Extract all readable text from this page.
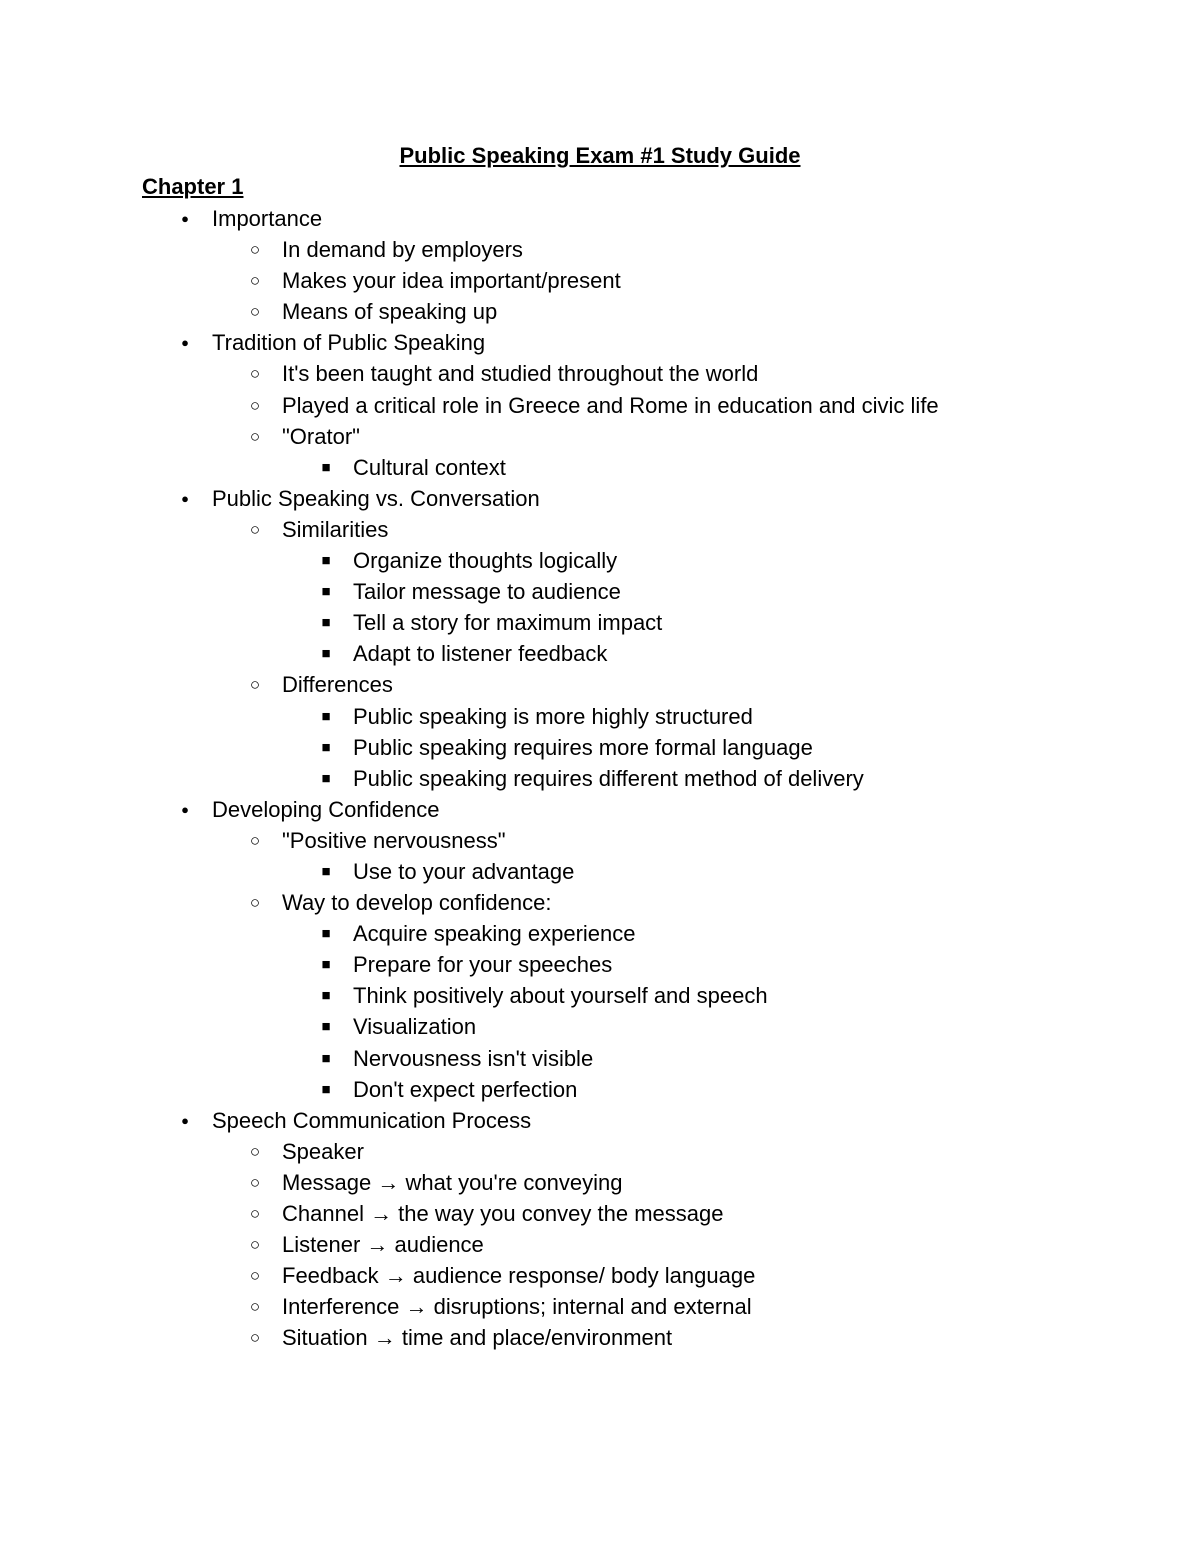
Public Speaking Exam #1 Study Guide
Chapter 1
● Importance
○ In demand by employers
○ Makes your idea important/present
○ Means of speaking up
● Tradition of Public Speaking
○ It's been taught and studied throughout the world
○ Played a critical role in Greece and Rome in education and civic life
○ "Orator"
■ Cultural context
● Public Speaking vs. Conversation
○ Similarities
■ Organize thoughts logically
■ Tailor message to audience
■ Tell a story for maximum impact
■ Adapt to listener feedback
○ Differences
■ Public speaking is more highly structured
■ Public speaking requires more formal language
■ Public speaking requires different method of delivery
● Developing Confidence
○ "Positive nervousness"
■ Use to your advantage
○ Way to develop confidence:
■ Acquire speaking experience
■ Prepare for your speeches
■ Think positively about yourself and speech
■ Visualization
■ Nervousness isn't visible
■ Don't expect perfection
● Speech Communication Process
○ Speaker
○ Message → what you're conveying
○ Channel → the way you convey the message
○ Listener → audience
○ Feedback → audience response/ body language
○ Interference → disruptions; internal and external
○ Situation → time and place/environment
